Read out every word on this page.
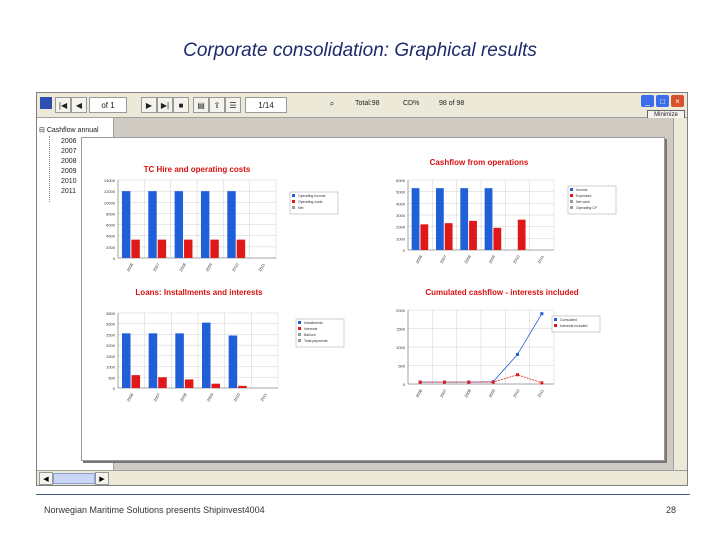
Corporate consolidation: Graphical results
|◀	◀	of 1	▶	▶|	■	▤	⇪	☰	1/14	⌕	Total:98	CD%	98 of 98	_	□	×
Minimize
⊟ Cashflow annual
2006
2007
2008
2009
2010
2011
◀	▶
TC Hire and operating costs
0
2000
4000
6000
8000
10000
12000
14000
2006	2007	2008	2009	2010	2011
Operating income
Operating costs
Net
Cashflow from operations
0
1000
2000
3000
4000
5000
6000
2006	2007	2008	2009	2010	2011
Income
Expenses
Net cash
Operating CF
Loans: Installments and interests
0
500
1000
1500
2000
2500
3000
3500
2006	2007	2008	2009	2010	2011
Installments
Interests
Balloon
Total payments
Cumulated cashflow - interests included
0
500
1000
1500
2000
2006	2007	2008	2009	2010	2011
Cumulated
Interests included
Norwegian Maritime Solutions presents Shipinvest4004	28
